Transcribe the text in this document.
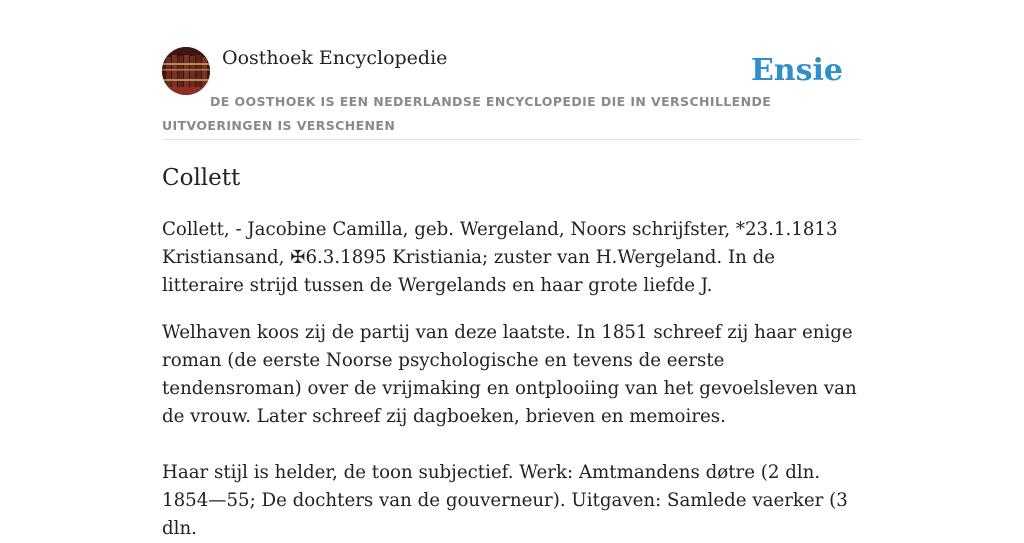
Oosthoek Encyclopedie	Ensie
DE OOSTHOEK IS EEN NEDERLANDSE ENCYCLOPEDIE DIE IN VERSCHILLENDE UITVOERINGEN IS VERSCHENEN
Collett

Collett, - Jacobine Camilla, geb. Wergeland, Noors schrijfster, *23.1.1813 Kristiansand, ✠6.3.1895 Kristiania; zuster van H.Wergeland. In de litteraire strijd tussen de Wergelands en haar grote liefde J.

Welhaven koos zij de partij van deze laatste. In 1851 schreef zij haar enige roman (de eerste Noorse psychologische en tevens de eerste tendensroman) over de vrijmaking en ontplooiing van het gevoelsleven van de vrouw. Later schreef zij dagboeken, brieven en memoires.

Haar stijl is helder, de toon subjectief. Werk: Amtmandens døtre (2 dln. 1854—55; De dochters van de gouverneur). Uitgaven: Samlede vaerker (3 dln.
